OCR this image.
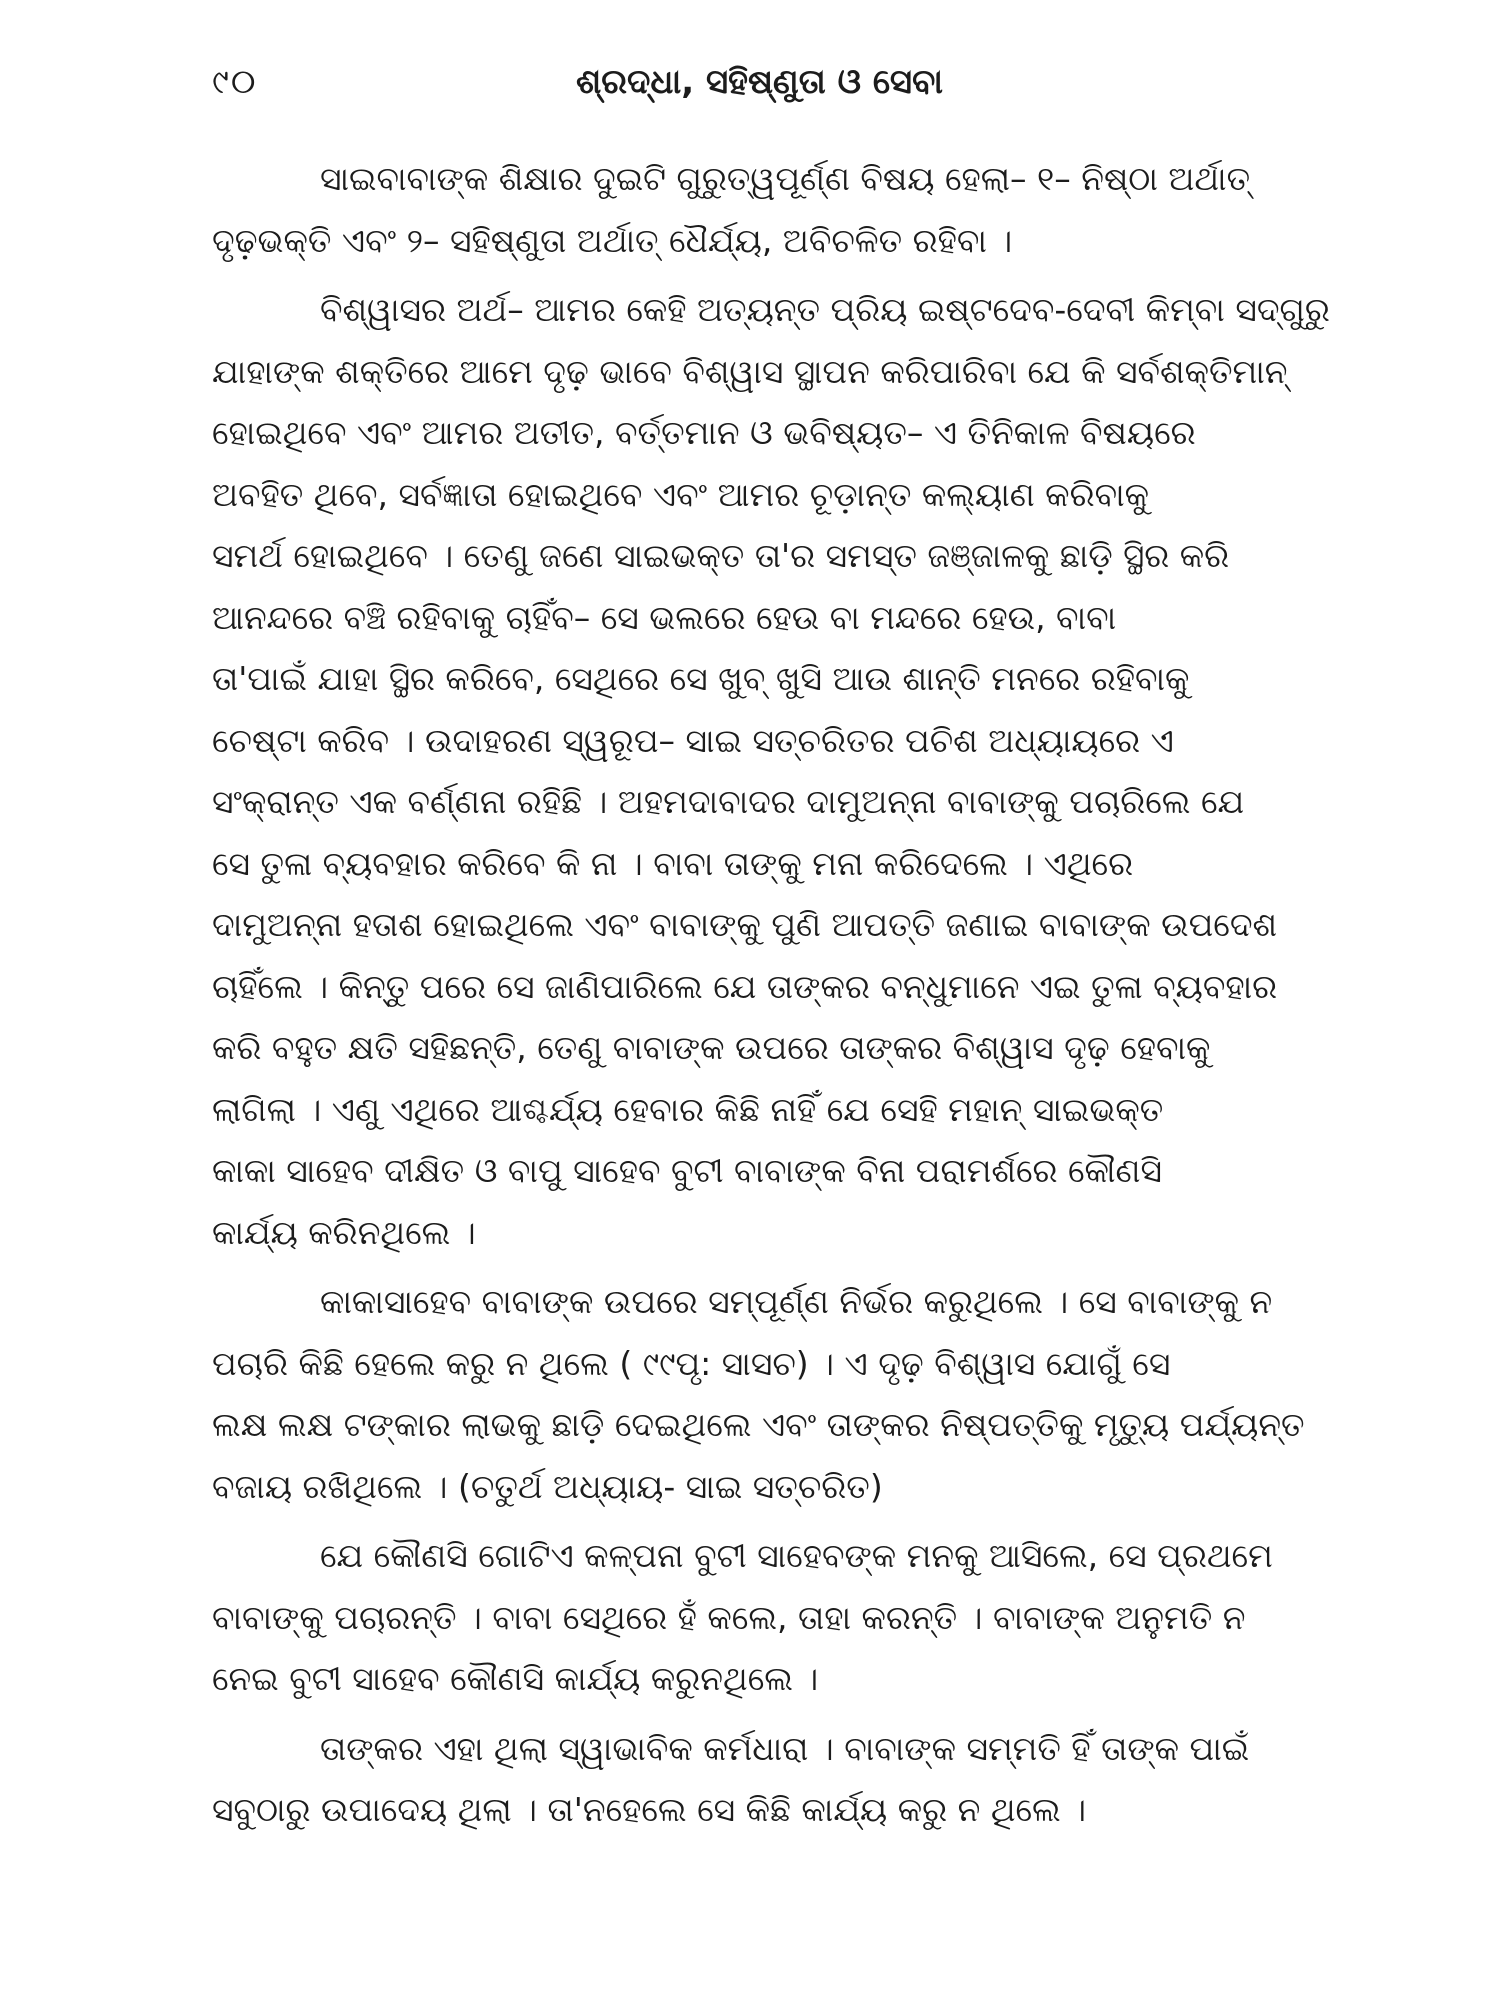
୯୦	ଶ୍ରଦ୍ଧା, ସହିଷ୍ଣୁତା ଓ ସେବା
ସାଇବାବାଙ୍କ ଶିକ୍ଷାର ଦୁଇଟି ଗୁରୁତ୍ୱପୂର୍ଣ୍ଣ ବିଷୟ ହେଲା– ୧– ନିଷ୍ଠା ଅର୍ଥାତ୍
ଦୃଢ଼ଭକ୍ତି ଏବଂ ୨– ସହିଷ୍ଣୁତା ଅର୍ଥାତ୍ ଧୈର୍ଯ୍ୟ, ଅବିଚଳିତ ରହିବା ।
ବିଶ୍ୱାସର ଅର୍ଥ– ଆମର କେହି ଅତ୍ୟନ୍ତ ପ୍ରିୟ ଇଷ୍ଟଦେବ-ଦେବୀ କିମ୍ବା ସଦ୍ଗୁରୁ
ଯାହାଙ୍କ ଶକ୍ତିରେ ଆମେ ଦୃଢ଼ ଭାବେ ବିଶ୍ୱାସ ସ୍ଥାପନ କରିପାରିବା ଯେ କି ସର୍ବଶକ୍ତିମାନ୍
ହୋଇଥିବେ ଏବଂ ଆମର ଅତୀତ, ବର୍ତ୍ତମାନ ଓ ଭବିଷ୍ୟତ– ଏ ତିନିକାଳ ବିଷୟରେ
ଅବହିତ ଥିବେ, ସର୍ବଜ୍ଞାତା ହୋଇଥିବେ ଏବଂ ଆମର ଚୂଡ଼ାନ୍ତ କଲ୍ୟାଣ କରିବାକୁ
ସମର୍ଥ ହୋଇଥିବେ । ତେଣୁ ଜଣେ ସାଇଭକ୍ତ ତା'ର ସମସ୍ତ ଜଞ୍ଜାଳକୁ ଛାଡ଼ି ସ୍ଥିର କରି
ଆନନ୍ଦରେ ବଞ୍ଚି ରହିବାକୁ ଚାହିଁବ– ସେ ଭଲରେ ହେଉ ବା ମନ୍ଦରେ ହେଉ, ବାବା
ତା'ପାଇଁ ଯାହା ସ୍ଥିର କରିବେ, ସେଥିରେ ସେ ଖୁବ୍ ଖୁସି ଆଉ ଶାନ୍ତି ମନରେ ରହିବାକୁ
ଚେଷ୍ଟା କରିବ । ଉଦାହରଣ ସ୍ୱରୂପ– ସାଇ ସତ୍‌ଚରିତର ପଚିଶ ଅଧ୍ୟାୟରେ ଏ
ସଂକ୍ରାନ୍ତ ଏକ ବର୍ଣ୍ଣନା ରହିଛି । ଅହମଦାବାଦର ଦାମୁଅନ୍ନା ବାବାଙ୍କୁ ପଚାରିଲେ ଯେ
ସେ ତୁଳା ବ୍ୟବହାର କରିବେ କି ନା । ବାବା ତାଙ୍କୁ ମନା କରିଦେଲେ । ଏଥିରେ
ଦାମୁଅନ୍ନା ହତାଶ ହୋଇଥିଲେ ଏବଂ ବାବାଙ୍କୁ ପୁଣି ଆପତ୍ତି ଜଣାଇ ବାବାଙ୍କ ଉପଦେଶ
ଚାହିଁଲେ । କିନ୍ତୁ ପରେ ସେ ଜାଣିପାରିଲେ ଯେ ତାଙ୍କର ବନ୍ଧୁମାନେ ଏଇ ତୁଳା ବ୍ୟବହାର
କରି ବହୁତ କ୍ଷତି ସହିଛନ୍ତି, ତେଣୁ ବାବାଙ୍କ ଉପରେ ତାଙ୍କର ବିଶ୍ୱାସ ଦୃଢ଼ ହେବାକୁ
ଲାଗିଲା । ଏଣୁ ଏଥିରେ ଆଶ୍ଚର୍ଯ୍ୟ ହେବାର କିଛି ନାହିଁ ଯେ ସେହି ମହାନ୍ ସାଇଭକ୍ତ
କାକା ସାହେବ ଦୀକ୍ଷିତ ଓ ବାପୁ ସାହେବ ବୁଟୀ ବାବାଙ୍କ ବିନା ପରାମର୍ଶରେ କୌଣସି
କାର୍ଯ୍ୟ କରିନଥିଲେ ।
କାକାସାହେବ ବାବାଙ୍କ ଉପରେ ସମ୍ପୂର୍ଣ୍ଣ ନିର୍ଭର କରୁଥିଲେ । ସେ ବାବାଙ୍କୁ ନ
ପଚାରି କିଛି ହେଲେ କରୁ ନ ଥିଲେ ( ୯୯ପୃ: ସାସଚ) । ଏ ଦୃଢ଼ ବିଶ୍ୱାସ ଯୋଗୁଁ ସେ
ଲକ୍ଷ ଲକ୍ଷ ଟଙ୍କାର ଲାଭକୁ ଛାଡ଼ି ଦେଇଥିଲେ ଏବଂ ତାଙ୍କର ନିଷ୍ପତ୍ତିକୁ ମୃତ୍ୟୁ ପର୍ଯ୍ୟନ୍ତ
ବଜାୟ ରଖିଥିଲେ । (ଚତୁର୍ଥ ଅଧ୍ୟାୟ- ସାଇ ସତ୍‌ଚରିତ)
ଯେ କୌଣସି ଗୋଟିଏ କଳ୍ପନା ବୁଟୀ ସାହେବଙ୍କ ମନକୁ ଆସିଲେ, ସେ ପ୍ରଥମେ
ବାବାଙ୍କୁ ପଚାରନ୍ତି । ବାବା ସେଥିରେ ହଁ କଲେ, ତାହା କରନ୍ତି । ବାବାଙ୍କ ଅନୁମତି ନ
ନେଇ ବୁଟୀ ସାହେବ କୌଣସି କାର୍ଯ୍ୟ କରୁନଥିଲେ ।
ତାଙ୍କର ଏହା ଥିଲା ସ୍ୱାଭାବିକ କର୍ମଧାରା । ବାବାଙ୍କ ସମ୍ମତି ହିଁ ତାଙ୍କ ପାଇଁ
ସବୁଠାରୁ ଉପାଦେୟ ଥିଲା । ତା'ନହେଲେ ସେ କିଛି କାର୍ଯ୍ୟ କରୁ ନ ଥିଲେ ।
